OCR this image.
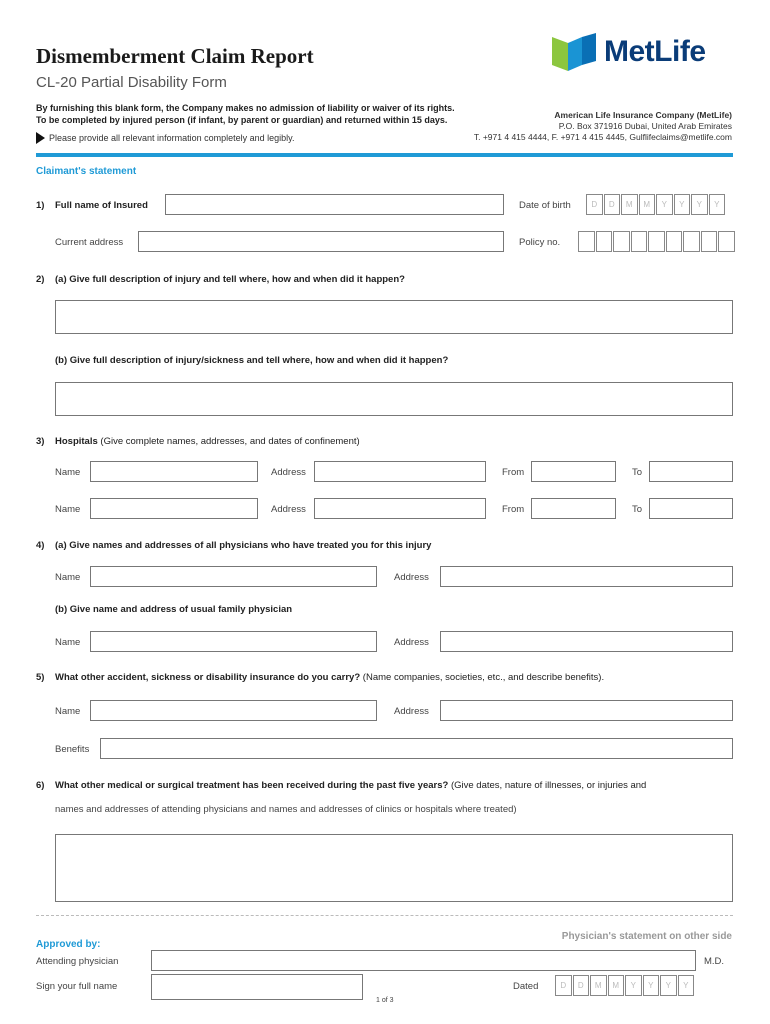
Dismemberment Claim Report
CL-20 Partial Disability Form
MetLife
By furnishing this blank form, the Company makes no admission of liability or waiver of its rights.
To be completed by injured person (if infant, by parent or guardian) and returned within 15 days.
Please provide all relevant information completely and legibly.
American Life Insurance Company (MetLife)
P.O. Box 371916 Dubai, United Arab Emirates
T. +971 4 415 4444, F. +971 4 415 4445, Gulflifeclaims@metlife.com
Claimant's statement
1) Full name of Insured	Date of birth	D	D	M	M	Y	Y	Y	Y
Current address	Policy no.
2) (a) Give full description of injury and tell where, how and when did it happen?
(b) Give full description of injury/sickness and tell where, how and when did it happen?
3) Hospitals (Give complete names, addresses, and dates of confinement)
Name	Address	From	To
Name	Address	From	To
4) (a) Give names and addresses of all physicians who have treated you for this injury
Name	Address
(b) Give name and address of usual family physician
Name	Address
5) What other accident, sickness or disability insurance do you carry? (Name companies, societies, etc., and describe benefits).
Name	Address
Benefits
6) What other medical or surgical treatment has been received during the past five years? (Give dates, nature of illnesses, or injuries and
names and addresses of attending physicians and names and addresses of clinics or hospitals where treated)
Physician's statement on other side
Approved by:
Attending physician	M.D.
Sign your full name	Dated	D	D	M	M	Y	Y	Y	Y
1 of 3
